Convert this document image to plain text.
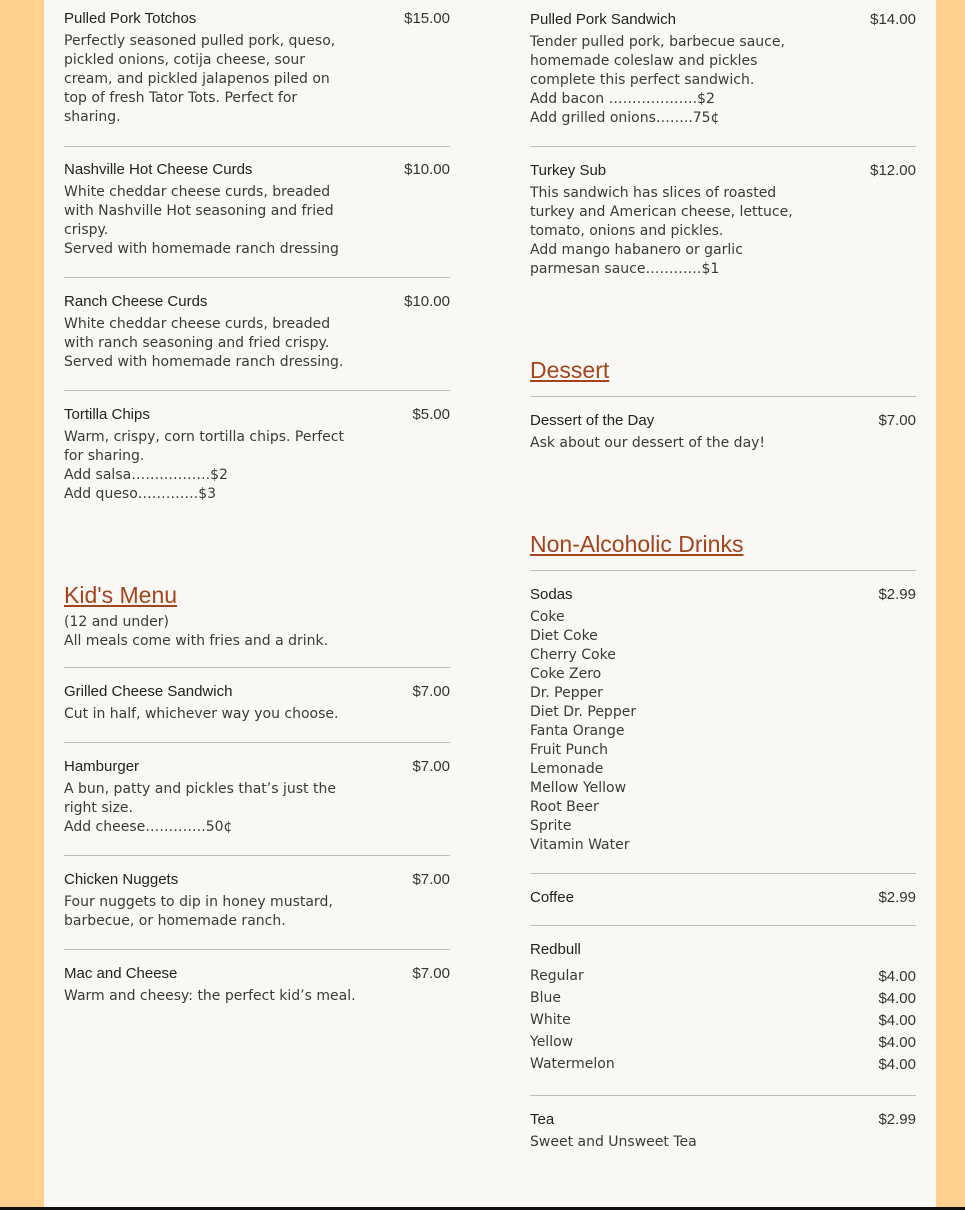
Pulled Pork Totchos	$15.00
Perfectly seasoned pulled pork, queso,
pickled onions, cotija cheese, sour
cream, and pickled jalapenos piled on
top of fresh Tator Tots. Perfect for
sharing.
Nashville Hot Cheese Curds	$10.00
White cheddar cheese curds, breaded
with Nashville Hot seasoning and fried
crispy.
Served with homemade ranch dressing
Ranch Cheese Curds	$10.00
White cheddar cheese curds, breaded
with ranch seasoning and fried crispy.
Served with homemade ranch dressing.
Tortilla Chips	$5.00
Warm, crispy, corn tortilla chips. Perfect
for sharing.
Add salsa…….……….$2
Add queso………….$3
Kid's Menu
(12 and under)
All meals come with fries and a drink.
Grilled Cheese Sandwich	$7.00
Cut in half, whichever way you choose.
Hamburger	$7.00
A bun, patty and pickles that’s just the
right size.
Add cheese………….50¢
Chicken Nuggets	$7.00
Four nuggets to dip in honey mustard,
barbecue, or homemade ranch.
Mac and Cheese	$7.00
Warm and cheesy: the perfect kid’s meal.
Pulled Pork Sandwich	$14.00
Tender pulled pork, barbecue sauce,
homemade coleslaw and pickles
complete this perfect sandwich.
Add bacon ……………….$2
Add grilled onions……..75¢
Turkey Sub	$12.00
This sandwich has slices of roasted
turkey and American cheese, lettuce,
tomato, onions and pickles.
Add mango habanero or garlic
parmesan sauce…………$1
Dessert
Dessert of the Day	$7.00
Ask about our dessert of the day!
Non-Alcoholic Drinks
Sodas	$2.99
Coke
Diet Coke
Cherry Coke
Coke Zero
Dr. Pepper
Diet Dr. Pepper
Fanta Orange
Fruit Punch
Lemonade
Mellow Yellow
Root Beer
Sprite
Vitamin Water
Coffee	$2.99
Redbull
Regular	$4.00
Blue	$4.00
White	$4.00
Yellow	$4.00
Watermelon	$4.00
Tea	$2.99
Sweet and Unsweet Tea
